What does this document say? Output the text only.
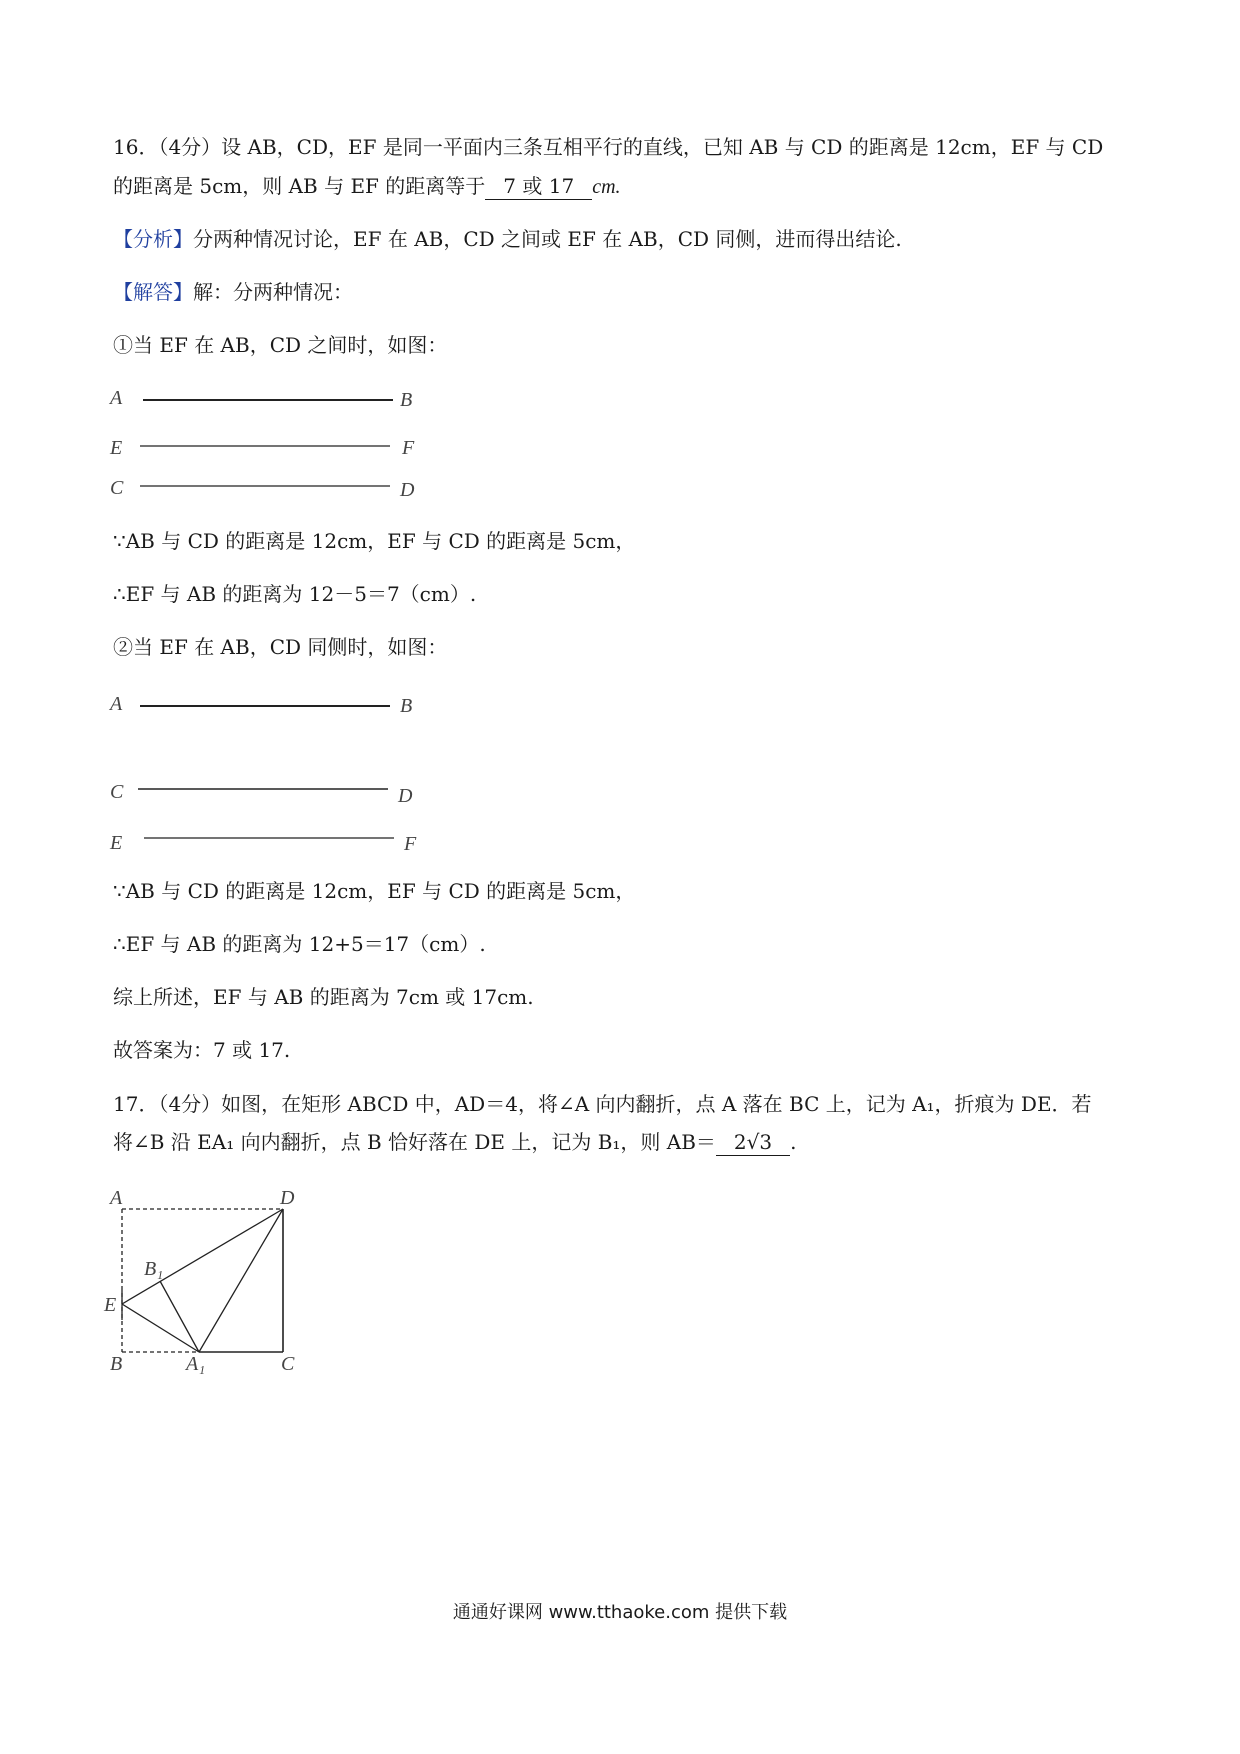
16．（4分）设 AB，CD，EF 是同一平面内三条互相平行的直线，已知 AB 与 CD 的距离是 12cm，EF 与 CD
的距离是 5cm，则 AB 与 EF 的距离等于 7 或 17 cm.
【分析】分两种情况讨论，EF 在 AB，CD 之间或 EF 在 AB，CD 同侧，进而得出结论.
【解答】解：分两种情况：
①当 EF 在 AB，CD 之间时，如图：
A	B
E	F
C	D
∵AB 与 CD 的距离是 12cm，EF 与 CD 的距离是 5cm，
∴EF 与 AB 的距离为 12－5＝7（cm）.
②当 EF 在 AB，CD 同侧时，如图：
A	B
C	D
E	F
∵AB 与 CD 的距离是 12cm，EF 与 CD 的距离是 5cm，
∴EF 与 AB 的距离为 12+5＝17（cm）.
综上所述，EF 与 AB 的距离为 7cm 或 17cm.
故答案为：7 或 17.
17．（4分）如图，在矩形 ABCD 中，AD＝4，将∠A 向内翻折，点 A 落在 BC 上，记为 A₁，折痕为 DE．若
将∠B 沿 EA₁ 向内翻折，点 B 恰好落在 DE 上，记为 B₁，则 AB＝ 2√3 .
A	D
B₁
E
B	A₁	C
通通好课网 www.tthaoke.com 提供下载
